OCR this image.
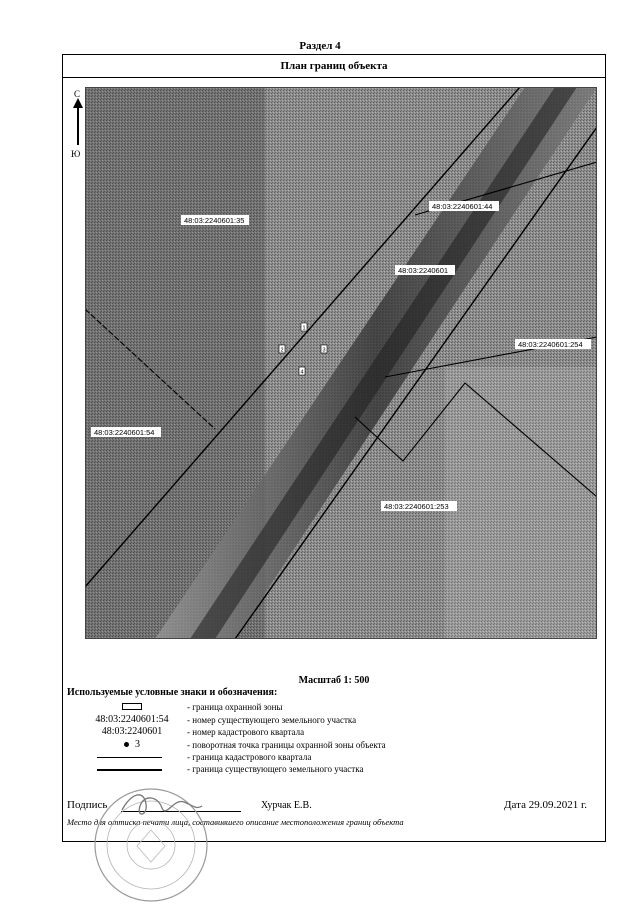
Раздел 4
План границ объекта
С
Ю
48:03:2240601:35
48:03:2240601:44
48:03:2240601
48:03:2240601:254
48:03:2240601:54
48:03:2240601:253
1
2	3
4
Масштаб 1: 500
Используемые условные знаки и обозначения:
- граница охранной зоны
48:03:2240601:54	- номер существующего земельного участка
48:03:2240601	- номер кадастрового квартала
3	- поворотная точка границы охранной зоны объекта
- граница кадастрового квартала
- граница существующего земельного участка
Подпись	Хурчак Е.В.	Дата 29.09.2021 г.
Место для оттиска печати лица, составившего описание местоположения границ объекта
